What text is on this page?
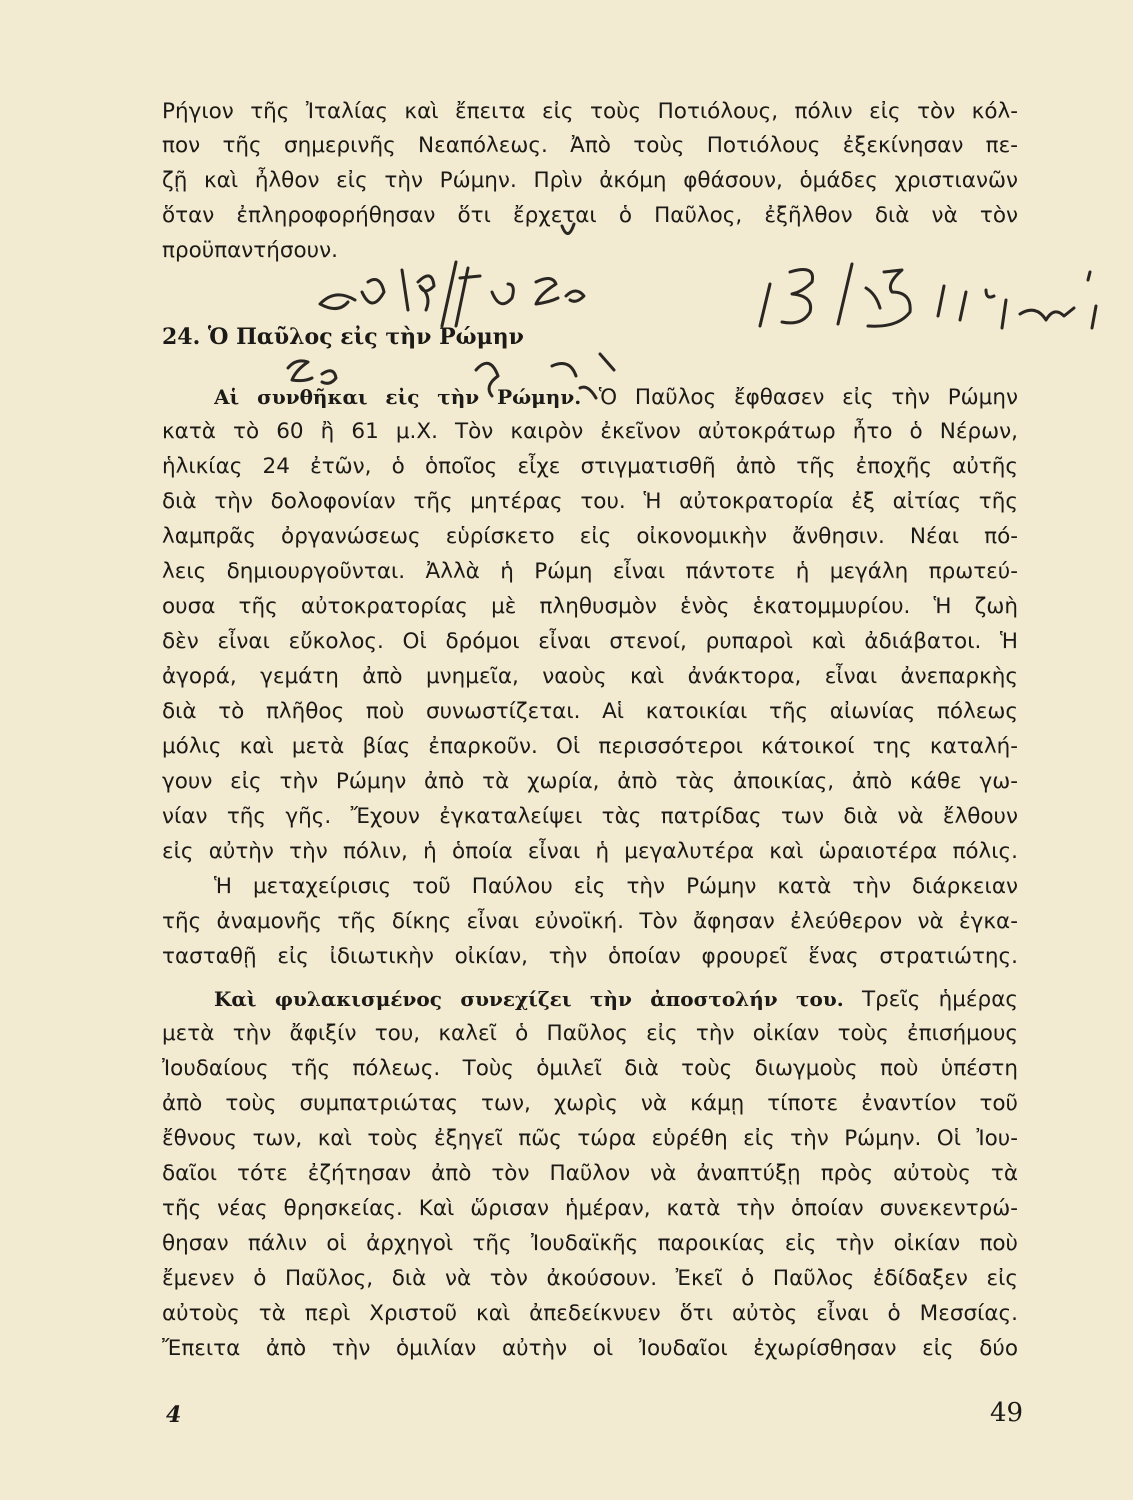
Ρήγιον τῆς Ἰταλίας καὶ ἔπειτα εἰς τοὺς Ποτιόλους, πόλιν εἰς τὸν κόλ-
πον τῆς σημερινῆς Νεαπόλεως. Ἀπὸ τοὺς Ποτιόλους ἐξεκίνησαν πε-
ζῇ καὶ ἦλθον εἰς τὴν Ρώμην. Πρὶν ἀκόμη φθάσουν, ὁμάδες χριστιανῶν
ὅταν ἐπληροφορήθησαν ὅτι ἔρχεται ὁ Παῦλος, ἐξῆλθον διὰ νὰ τὸν
προϋπαντήσουν.
24. Ὁ Παῦλος εἰς τὴν Ρώμην
Αἱ συνθῆκαι εἰς τὴν Ρώμην. Ὁ Παῦλος ἔφθασεν εἰς τὴν Ρώμην
κατὰ τὸ 60 ἢ 61 μ.Χ. Τὸν καιρὸν ἐκεῖνον αὐτοκράτωρ ἦτο ὁ Νέρων,
ἡλικίας 24 ἐτῶν, ὁ ὁποῖος εἶχε στιγματισθῆ ἀπὸ τῆς ἐποχῆς αὐτῆς
διὰ τὴν δολοφονίαν τῆς μητέρας του. Ἡ αὐτοκρατορία ἐξ αἰτίας τῆς
λαμπρᾶς ὀργανώσεως εὑρίσκετο εἰς οἰκονομικὴν ἄνθησιν. Νέαι πό-
λεις δημιουργοῦνται. Ἀλλὰ ἡ Ρώμη εἶναι πάντοτε ἡ μεγάλη πρωτεύ-
ουσα τῆς αὐτοκρατορίας μὲ πληθυσμὸν ἑνὸς ἑκατομμυρίου. Ἡ ζωὴ
δὲν εἶναι εὔκολος. Οἱ δρόμοι εἶναι στενοί, ρυπαροὶ καὶ ἀδιάβατοι. Ἡ
ἀγορά, γεμάτη ἀπὸ μνημεῖα, ναοὺς καὶ ἀνάκτορα, εἶναι ἀνεπαρκὴς
διὰ τὸ πλῆθος ποὺ συνωστίζεται. Αἱ κατοικίαι τῆς αἰωνίας πόλεως
μόλις καὶ μετὰ βίας ἐπαρκοῦν. Οἱ περισσότεροι κάτοικοί της καταλή-
γουν εἰς τὴν Ρώμην ἀπὸ τὰ χωρία, ἀπὸ τὰς ἀποικίας, ἀπὸ κάθε γω-
νίαν τῆς γῆς. Ἔχουν ἐγκαταλείψει τὰς πατρίδας των διὰ νὰ ἔλθουν
εἰς αὐτὴν τὴν πόλιν, ἡ ὁποία εἶναι ἡ μεγαλυτέρα καὶ ὡραιοτέρα πόλις.
Ἡ μεταχείρισις τοῦ Παύλου εἰς τὴν Ρώμην κατὰ τὴν διάρκειαν
τῆς ἀναμονῆς τῆς δίκης εἶναι εὐνοϊκή. Τὸν ἄφησαν ἐλεύθερον νὰ ἐγκα-
τασταθῇ εἰς ἰδιωτικὴν οἰκίαν, τὴν ὁποίαν φρουρεῖ ἕνας στρατιώτης.
Καὶ φυλακισμένος συνεχίζει τὴν ἀποστολήν του. Τρεῖς ἡμέρας
μετὰ τὴν ἄφιξίν του, καλεῖ ὁ Παῦλος εἰς τὴν οἰκίαν τοὺς ἐπισήμους
Ἰουδαίους τῆς πόλεως. Τοὺς ὁμιλεῖ διὰ τοὺς διωγμοὺς ποὺ ὑπέστη
ἀπὸ τοὺς συμπατριώτας των, χωρὶς νὰ κάμῃ τίποτε ἐναντίον τοῦ
ἔθνους των, καὶ τοὺς ἐξηγεῖ πῶς τώρα εὑρέθη εἰς τὴν Ρώμην. Οἱ Ἰου-
δαῖοι τότε ἐζήτησαν ἀπὸ τὸν Παῦλον νὰ ἀναπτύξῃ πρὸς αὐτοὺς τὰ
τῆς νέας θρησκείας. Καὶ ὥρισαν ἡμέραν, κατὰ τὴν ὁποίαν συνεκεντρώ-
θησαν πάλιν οἱ ἀρχηγοὶ τῆς Ἰουδαϊκῆς παροικίας εἰς τὴν οἰκίαν ποὺ
ἔμενεν ὁ Παῦλος, διὰ νὰ τὸν ἀκούσουν. Ἐκεῖ ὁ Παῦλος ἐδίδαξεν εἰς
αὐτοὺς τὰ περὶ Χριστοῦ καὶ ἀπεδείκνυεν ὅτι αὐτὸς εἶναι ὁ Μεσσίας.
Ἔπειτα ἀπὸ τὴν ὁμιλίαν αὐτὴν οἱ Ἰουδαῖοι ἐχωρίσθησαν εἰς δύο
4	49
